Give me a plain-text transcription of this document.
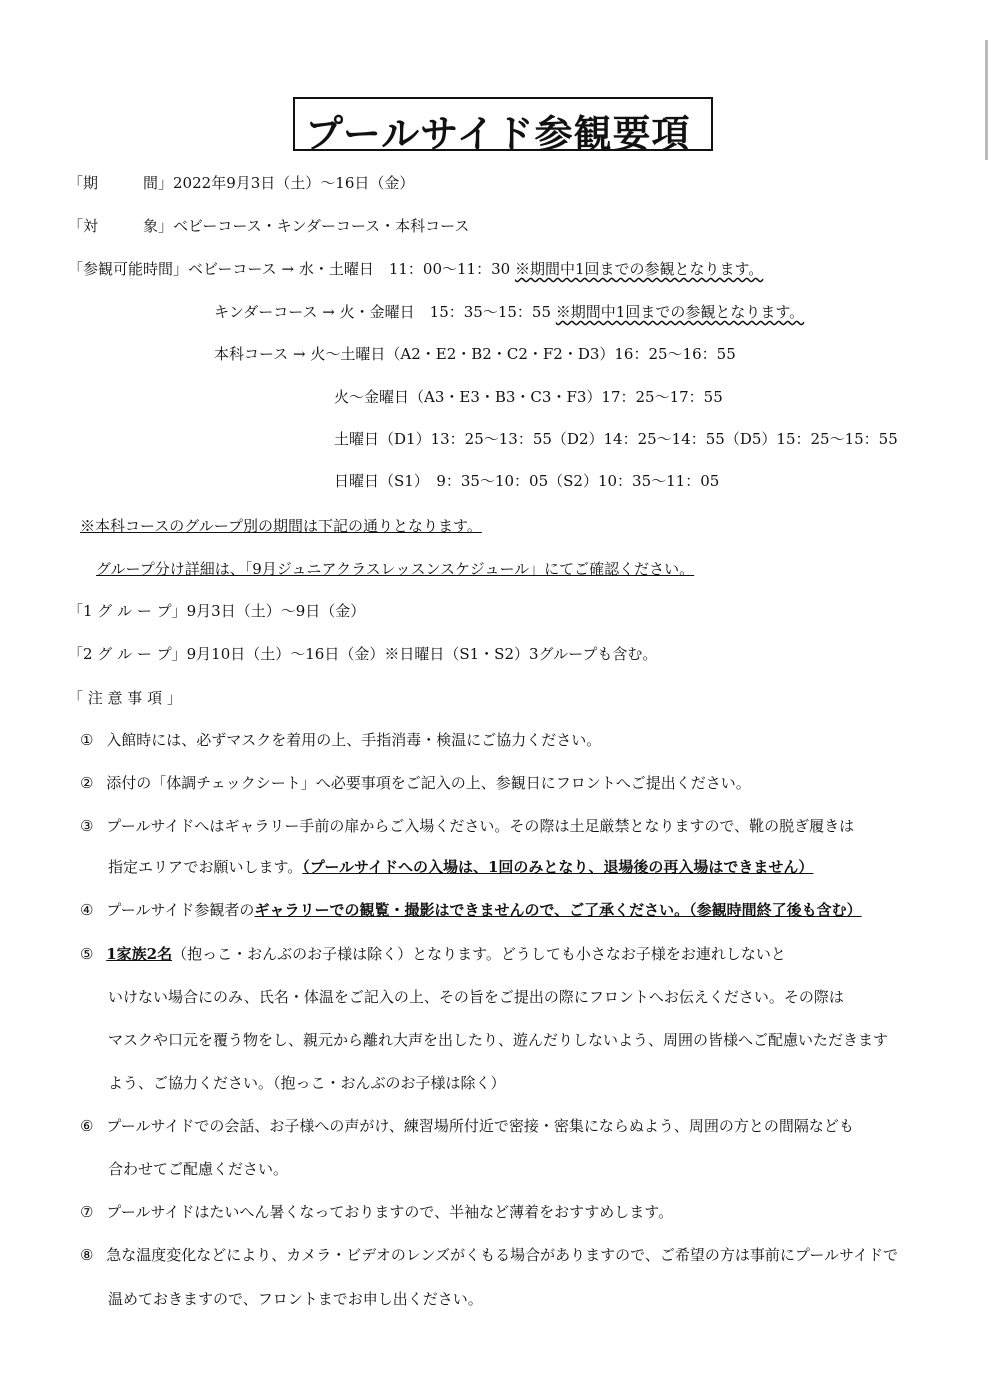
プールサイド参観要項
「期　　　間」2022年9月3日（土）～16日（金）
「対　　　象」ベビーコース・キンダーコース・本科コース
「参観可能時間」ベビーコース → 水・土曜日　11：00～11：30 ※期間中1回までの参観となります。
キンダーコース → 火・金曜日　15：35～15：55 ※期間中1回までの参観となります。
本科コース → 火～土曜日（A2・E2・B2・C2・F2・D3）16：25～16：55
火～金曜日（A3・E3・B3・C3・F3）17：25～17：55
土曜日（D1）13：25～13：55（D2）14：25～14：55（D5）15：25～15：55
日曜日（S1）　9：35～10：05（S2）10：35～11：05
※本科コースのグループ別の期間は下記の通りとなります。
グループ分け詳細は、「9月ジュニアクラスレッスンスケジュール」にてご確認ください。
「1 グ ル ー プ」9月3日（土）～9日（金）
「2 グ ル ー プ」9月10日（土）～16日（金）※日曜日（S1・S2）3グループも含む。
「 注 意 事 項 」
① 入館時には、必ずマスクを着用の上、手指消毒・検温にご協力ください。
② 添付の「体調チェックシート」へ必要事項をご記入の上、参観日にフロントへご提出ください。
③ プールサイドへはギャラリー手前の扉からご入場ください。その際は土足厳禁となりますので、靴の脱ぎ履きは
指定エリアでお願いします。（プールサイドへの入場は、1回のみとなり、退場後の再入場はできません）
④ プールサイド参観者のギャラリーでの観覧・撮影はできませんので、ご了承ください。（参観時間終了後も含む）
⑤ 1家族2名（抱っこ・おんぶのお子様は除く）となります。どうしても小さなお子様をお連れしないと
いけない場合にのみ、氏名・体温をご記入の上、その旨をご提出の際にフロントへお伝えください。その際は
マスクや口元を覆う物をし、親元から離れ大声を出したり、遊んだりしないよう、周囲の皆様へご配慮いただきます
よう、ご協力ください。（抱っこ・おんぶのお子様は除く）
⑥ プールサイドでの会話、お子様への声がけ、練習場所付近で密接・密集にならぬよう、周囲の方との間隔なども
合わせてご配慮ください。
⑦ プールサイドはたいへん暑くなっておりますので、半袖など薄着をおすすめします。
⑧ 急な温度変化などにより、カメラ・ビデオのレンズがくもる場合がありますので、ご希望の方は事前にプールサイドで
温めておきますので、フロントまでお申し出ください。
